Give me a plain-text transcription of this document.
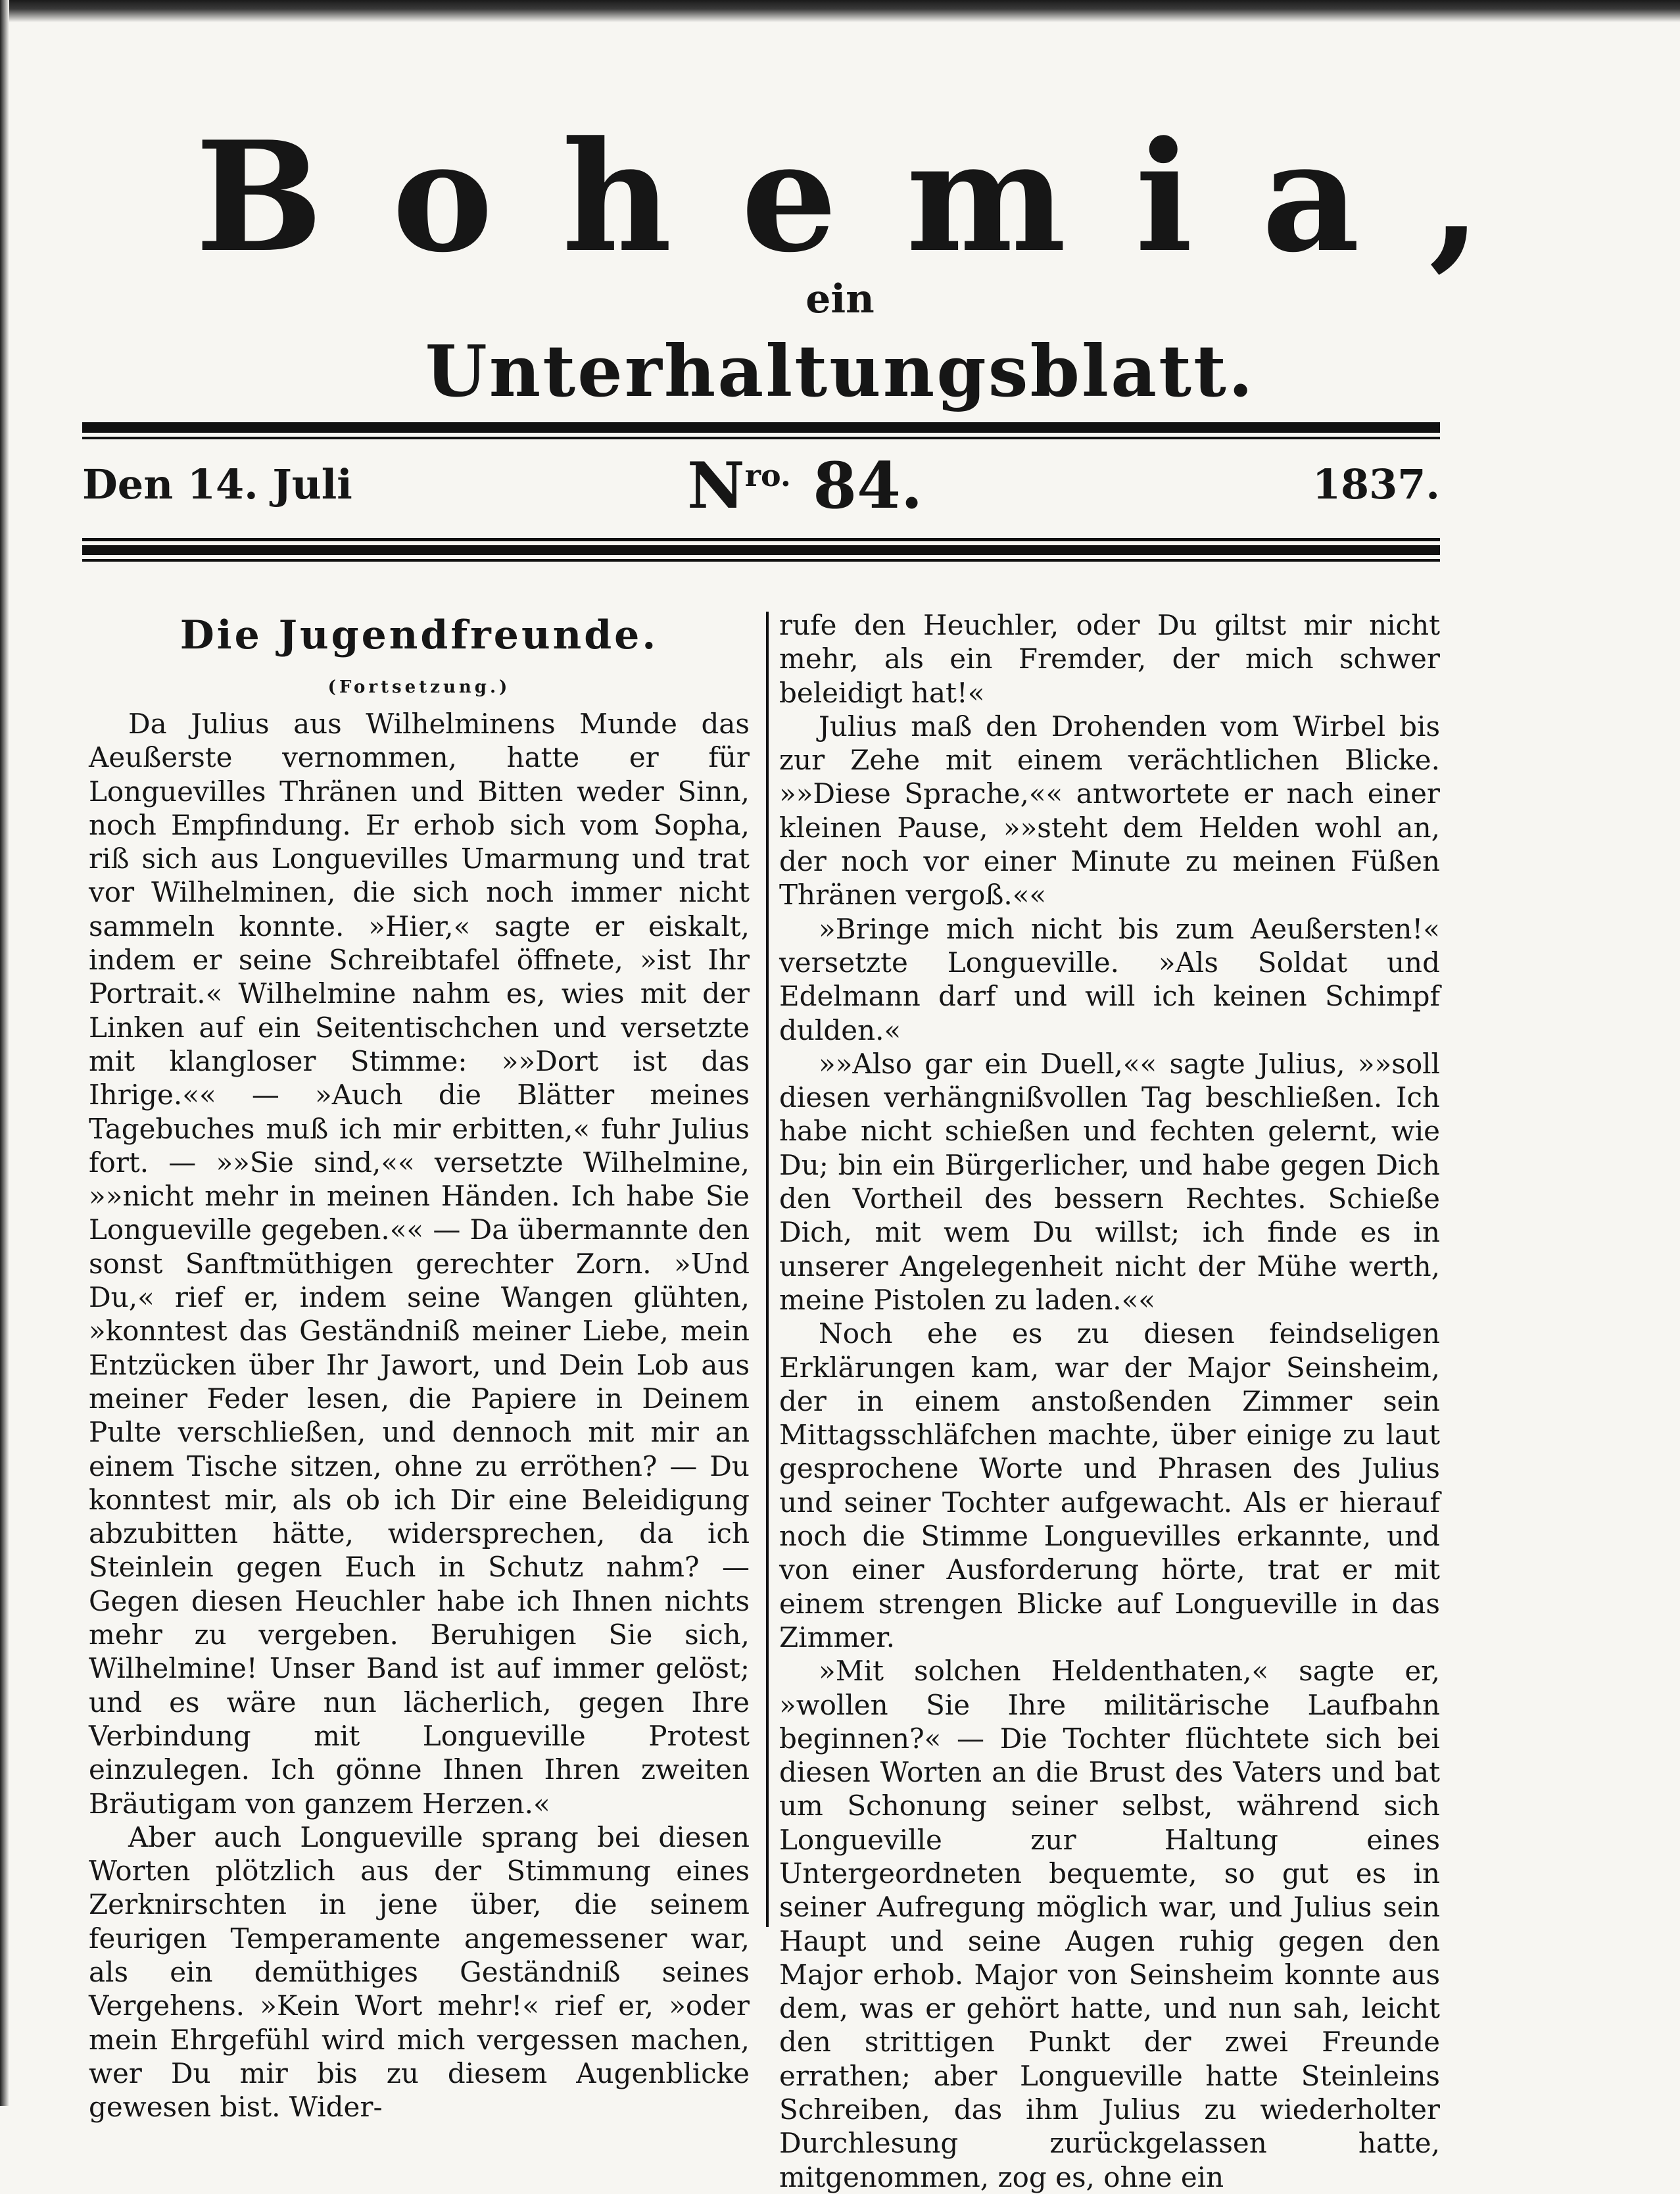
Bohemia,
ein
Unterhaltungsblatt.
Den 14. Juli	$N^{ro.}$ 84.	1837.
Die Jugendfreunde.
(Fortsetzung.)

Da Julius aus Wilhelminens Munde das Aeußerste vernommen, hatte er für Longuevilles Thränen und Bitten weder Sinn, noch Empfindung. Er erhob sich vom Sopha, riß sich aus Longuevilles Umarmung und trat vor Wilhelminen, die sich noch immer nicht sammeln konnte. »Hier,« sagte er eiskalt, indem er seine Schreibtafel öffnete, »ist Ihr Portrait.« Wilhelmine nahm es, wies mit der Linken auf ein Seitentischchen und versetzte mit klangloser Stimme: »»Dort ist das Ihrige.«« — »Auch die Blätter meines Tagebuches muß ich mir erbitten,« fuhr Julius fort. — »»Sie sind,«« versetzte Wilhelmine, »»nicht mehr in meinen Händen. Ich habe Sie Longueville gegeben.«« — Da übermannte den sonst Sanftmüthigen gerechter Zorn. »Und Du,« rief er, indem seine Wangen glühten, »konntest das Geständniß meiner Liebe, mein Entzücken über Ihr Jawort, und Dein Lob aus meiner Feder lesen, die Papiere in Deinem Pulte verschließen, und dennoch mit mir an einem Tische sitzen, ohne zu erröthen? — Du konntest mir, als ob ich Dir eine Beleidigung abzubitten hätte, widersprechen, da ich Steinlein gegen Euch in Schutz nahm? — Gegen diesen Heuchler habe ich Ihnen nichts mehr zu vergeben. Beruhigen Sie sich, Wilhelmine! Unser Band ist auf immer gelöst; und es wäre nun lächerlich, gegen Ihre Verbindung mit Longueville Protest einzulegen. Ich gönne Ihnen Ihren zweiten Bräutigam von ganzem Herzen.«

Aber auch Longueville sprang bei diesen Worten plötzlich aus der Stimmung eines Zerknirschten in jene über, die seinem feurigen Temperamente angemessener war, als ein demüthiges Geständniß seines Vergehens. »Kein Wort mehr!« rief er, »oder mein Ehrgefühl wird mich vergessen machen, wer Du mir bis zu diesem Augenblicke gewesen bist. Wider-

rufe den Heuchler, oder Du giltst mir nicht mehr, als ein Fremder, der mich schwer beleidigt hat!«

Julius maß den Drohenden vom Wirbel bis zur Zehe mit einem verächtlichen Blicke. »»Diese Sprache,«« antwortete er nach einer kleinen Pause, »»steht dem Helden wohl an, der noch vor einer Minute zu meinen Füßen Thränen vergoß.««

»Bringe mich nicht bis zum Aeußersten!« versetzte Longueville. »Als Soldat und Edelmann darf und will ich keinen Schimpf dulden.«

»»Also gar ein Duell,«« sagte Julius, »»soll diesen verhängnißvollen Tag beschließen. Ich habe nicht schießen und fechten gelernt, wie Du; bin ein Bürgerlicher, und habe gegen Dich den Vortheil des bessern Rechtes. Schieße Dich, mit wem Du willst; ich finde es in unserer Angelegenheit nicht der Mühe werth, meine Pistolen zu laden.««

Noch ehe es zu diesen feindseligen Erklärungen kam, war der Major Seinsheim, der in einem anstoßenden Zimmer sein Mittagsschläfchen machte, über einige zu laut gesprochene Worte und Phrasen des Julius und seiner Tochter aufgewacht. Als er hierauf noch die Stimme Longuevilles erkannte, und von einer Ausforderung hörte, trat er mit einem strengen Blicke auf Longueville in das Zimmer.

»Mit solchen Heldenthaten,« sagte er, »wollen Sie Ihre militärische Laufbahn beginnen?« — Die Tochter flüchtete sich bei diesen Worten an die Brust des Vaters und bat um Schonung seiner selbst, während sich Longueville zur Haltung eines Untergeordneten bequemte, so gut es in seiner Aufregung möglich war, und Julius sein Haupt und seine Augen ruhig gegen den Major erhob. Major von Seinsheim konnte aus dem, was er gehört hatte, und nun sah, leicht den strittigen Punkt der zwei Freunde errathen; aber Longueville hatte Steinleins Schreiben, das ihm Julius zu wiederholter Durchlesung zurückgelassen hatte, mitgenommen, zog es, ohne ein
